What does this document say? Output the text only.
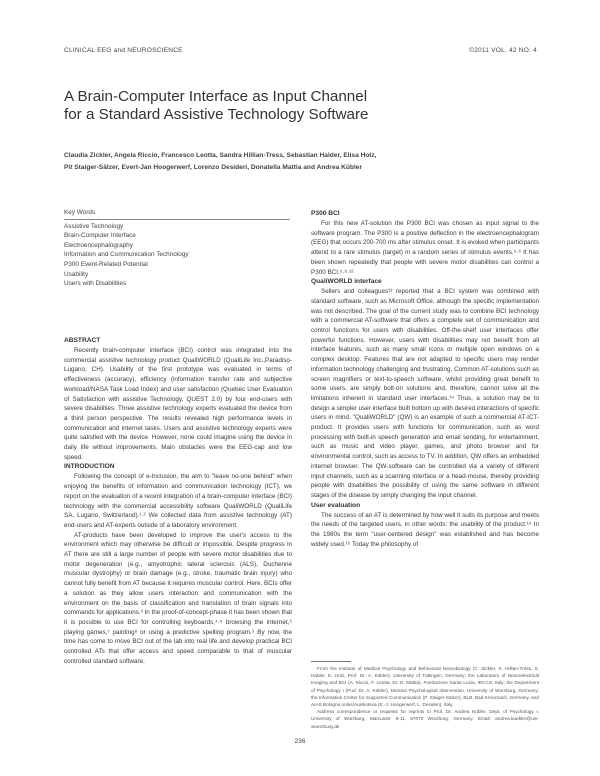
CLINICAL EEG and NEUROSCIENCE	©2011 VOL. 42 NO. 4
A Brain-Computer Interface as Input Channel
for a Standard Assistive Technology Software
Claudia Zickler, Angela Riccio, Francesco Leotta, Sandra Hillian-Tress, Sebastian Halder, Elisa Holz,
Pit Staiger-Sälzer, Evert-Jan Hoogerwerf, Lorenzo Desideri, Donatella Mattia and Andrea Kübler
Key Words
Assistive Technology
Brain-Computer Interface
Electroencephalography
Information and Communication Technology
P300 Event-Related Potential
Usability
Users with Disabilities
ABSTRACT

Recently brain-computer interface (BCI) control was integrated into the commercial assistive technology product QualiWORLD (QualiLife Inc.,Paradiso-Lugano, CH). Usability of the first prototype was evaluated in terms of effectiveness (accuracy), efficiency (information transfer rate and subjective workload/NASA Task Load Index) and user satisfaction (Quebec User Evaluation of Satisfaction with assistive Technology, QUEST 2.0) by four end-users with severe disabilities. Three assistive technology experts evaluated the device from a third person perspective. The results revealed high performance levels in communication and internet tasks. Users and assistive technology experts were quite satisfied with the device. However, none could imagine using the device in daily life without improvements. Main obstacles were the EEG-cap and low speed.

INTRODUCTION

Following the concept of e-Inclusion, the aim to "leave no-one behind" when enjoying the benefits of information and communication technology (ICT), we report on the evaluation of a recent integration of a brain-computer interface (BCI) technology with the commercial accessibility software QualiWORLD (QualiLife SA, Lugano, Switzerland).¹·² We collected data from assistive technology (AT) end-users and AT-experts outside of a laboratory environment.

AT-products have been developed to improve the user's access to the environment which may otherwise be difficult or impossible. Despite progress in AT there are still a large number of people with severe motor disabilities due to motor degeneration (e.g., amyotrophic lateral sclerosis (ALS), Duchenne muscular dystrophy) or brain damage (e.g., stroke, traumatic brain injury) who cannot fully benefit from AT because it requires muscular control. Here, BCIs offer a solution as they allow users interaction and communication with the environment on the basis of classification and translation of brain signals into commands for applications.³ In the proof-of-concept-phase it has been shown that it is possible to use BCI for controlling keyboards,⁴·⁵ browsing the internet,⁶ playing games,⁷ painting⁸ or using a predictive spelling program.⁹ By now, the time has come to move BCI out of the lab into real life and develop practical BCI controlled ATs that offer access and speed comparable to that of muscular controlled standard software.

P300 BCI

For this new AT-solution the P300 BCI was chosen as input signal to the software program. The P300 is a positive deflection in the electroencephalogram (EEG) that occurs 200-700 ms after stimulus onset. It is evoked when participants attend to a rare stimulus (target) in a random series of stimulus events.⁵·⁶ It has been shown repeatedly that people with severe motor disabilities can control a P300 BCI.⁵·⁸·¹²

QualiWORLD interface

Sellers and colleagues¹³ reported that a BCI system was combined with standard software, such as Microsoft Office, although the specific implementation was not described. The goal of the current study was to combine BCI technology with a commercial AT-software that offers a complete set of communication and control functions for users with disabilities. Off-the-shelf user interfaces offer powerful functions. However, users with disabilities may not benefit from all interface features, such as many small icons or multiple open windows on a complex desktop. Features that are not adapted to specific users may render information technology challenging and frustrating. Common AT-solutions such as screen magnifiers or text-to-speech software, whilst providing great benefit to some users, are simply bolt-on solutions and, therefore, cannot solve all the limitations inherent in standard user interfaces.¹⁴ Thus, a solution may be to design a simpler user interface built bottom up with desired interactions of specific users in mind. "QualiWORLD" (QW) is an example of such a commercial AT-ICT-product. It provides users with functions for communication, such as word processing with built-in speech generation and email sending, for entertainment, such as music and video player, games, and photo browser and for environmental control, such as access to TV. In addition, QW offers an embedded internet browser. The QW-software can be controlled via a variety of different input channels, such as a scanning interface or a head-mouse, thereby providing people with disabilities the possibility of using the same software in different stages of the disease by simply changing the input channel.

User evaluation

The success of an AT is determined by how well it suits its purpose and meets the needs of the targeted users, in other words: the usability of the product.¹⁵ In the 1980s the term "user-centered design" was established and has become widely used.¹⁶ Today the philosophy of

From the Institute of Medical Psychology and Behavioral Neurobiology (C. Zickler, S. Hillian-Tress, S. Halder, E. Holz, Prof. Dr. A. Kübler), University of Tübingen, Germany; the Laboratory of Neuroelectrical Imaging and BCI (A. Riccio, F. Leotta, Dr. D. Mattia), Fondazione Santa Lucia, IRCCS, Italy; the Department of Psychology I (Prof. Dr. A. Kübler), Division Psychological Intervention, University of Würzburg, Germany; the Information Center for Supported Communication (P. Staiger-Sälzer), BLB, Bad Kreuznach, Germany, and AIAS Bologna onlus/Ausilioteca (E.-J. Hoogerwerf, L. Desideri), Italy.

Address correspondence or requests for reprints to Prof. Dr. Andrea Kübler, Dept. of Psychology I, University of Würzburg, Marcusstr. 9-11, 97070 Würzburg, Germany. Email: andrea.kuebler@uni-wuerzburg.de

236
